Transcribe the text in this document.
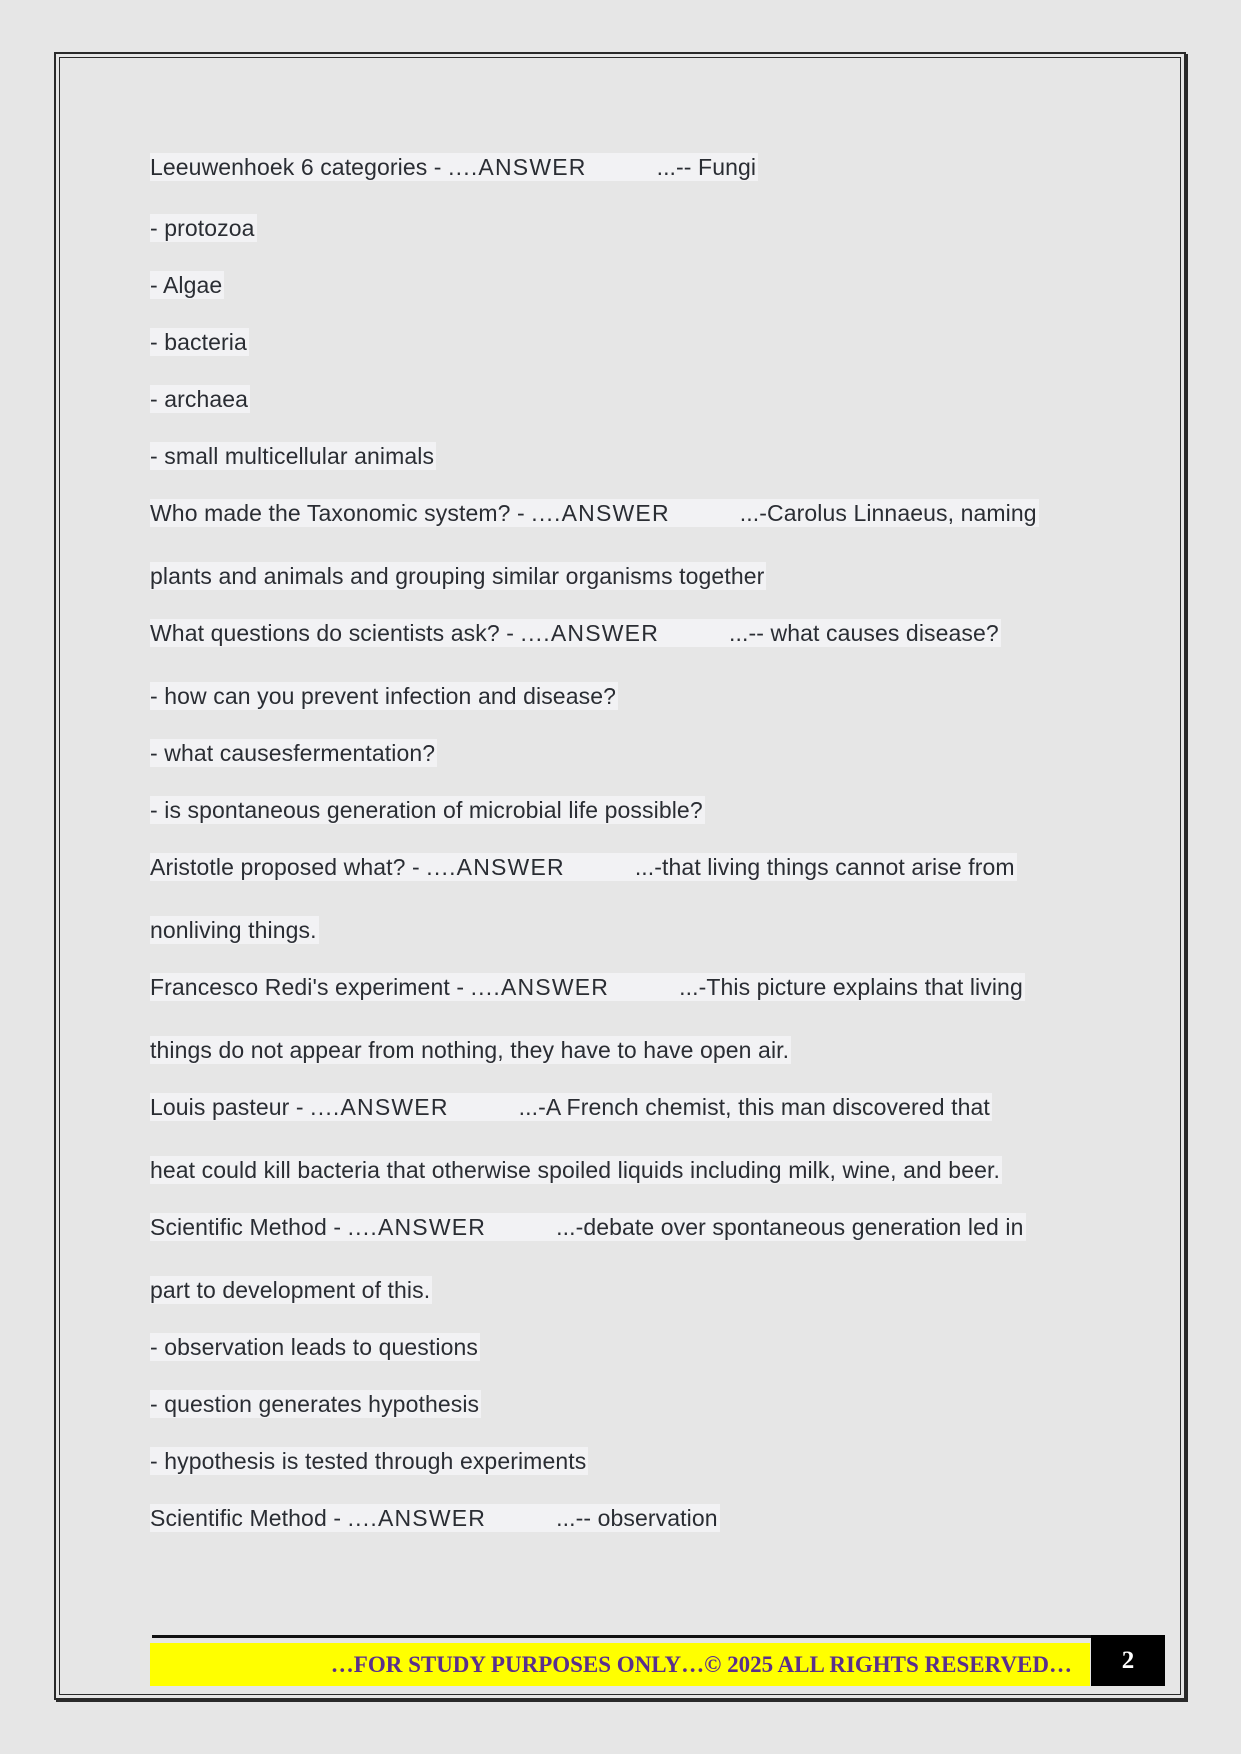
Leeuwenhoek 6 categories - ....ANSWER	...-- Fungi
- protozoa
- Algae
- bacteria
- archaea
- small multicellular animals
Who made the Taxonomic system? - ....ANSWER	...-Carolus Linnaeus, naming
plants and animals and grouping similar organisms together
What questions do scientists ask? - ....ANSWER	...-- what causes disease?
- how can you prevent infection and disease?
- what causesfermentation?
- is spontaneous generation of microbial life possible?
Aristotle proposed what? - ....ANSWER	...-that living things cannot arise from
nonliving things.
Francesco Redi's experiment - ....ANSWER	...-This picture explains that living
things do not appear from nothing, they have to have open air.
Louis pasteur - ....ANSWER	...-A French chemist, this man discovered that
heat could kill bacteria that otherwise spoiled liquids including milk, wine, and beer.
Scientific Method - ....ANSWER	...-debate over spontaneous generation led in
part to development of this.
- observation leads to questions
- question generates hypothesis
- hypothesis is tested through experiments
Scientific Method - ....ANSWER	...-- observation
…FOR STUDY PURPOSES ONLY…© 2025 ALL RIGHTS RESERVED…	2
